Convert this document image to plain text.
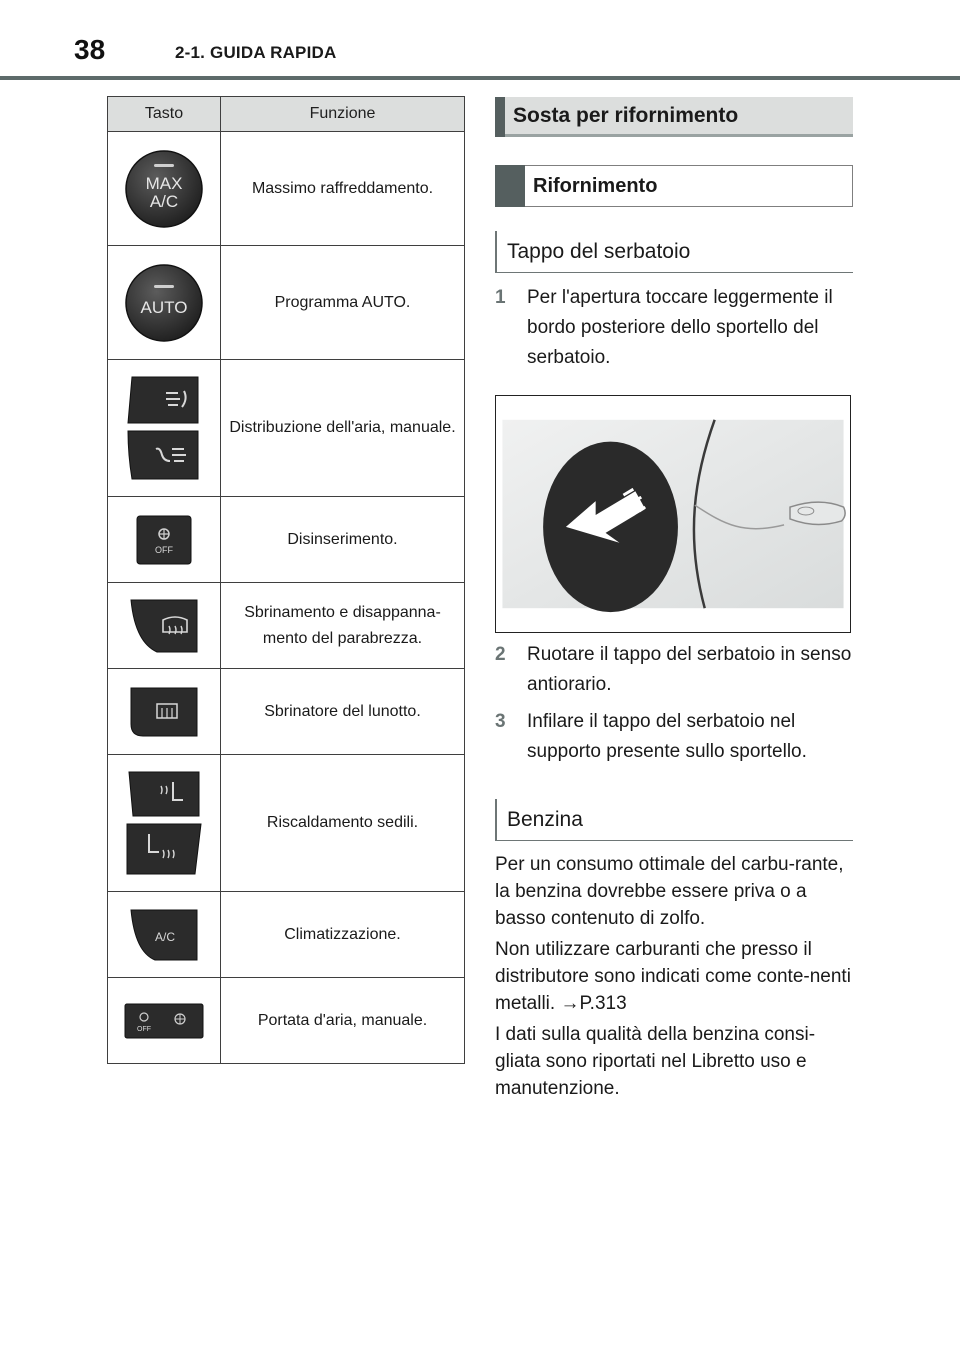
38	2-1. GUIDA RAPIDA
Tasto	Funzione

MAX
A/C	Massimo raffreddamento.

AUTO	Programma AUTO.

	Distribuzione dell'aria, manuale.

OFF	Disinserimento.

	Sbrinamento e disappanna-mento del parabrezza.

	Sbrinatore del lunotto.

	Riscaldamento sedili.

A/C	Climatizzazione.

OFF	Portata d'aria, manuale.
Sosta per rifornimento
Rifornimento
Tappo del serbatoio
1 Per l'apertura toccare leggermente il bordo posteriore dello sportello del serbatoio.
2 Ruotare il tappo del serbatoio in senso antiorario.
3 Infilare il tappo del serbatoio nel supporto presente sullo sportello.
Benzina
Per un consumo ottimale del carbu-rante, la benzina dovrebbe essere priva o a basso contenuto di zolfo.
Non utilizzare carburanti che presso il distributore sono indicati come conte-nenti metalli. →P.313
I dati sulla qualità della benzina consi-gliata sono riportati nel Libretto uso e manutenzione.
